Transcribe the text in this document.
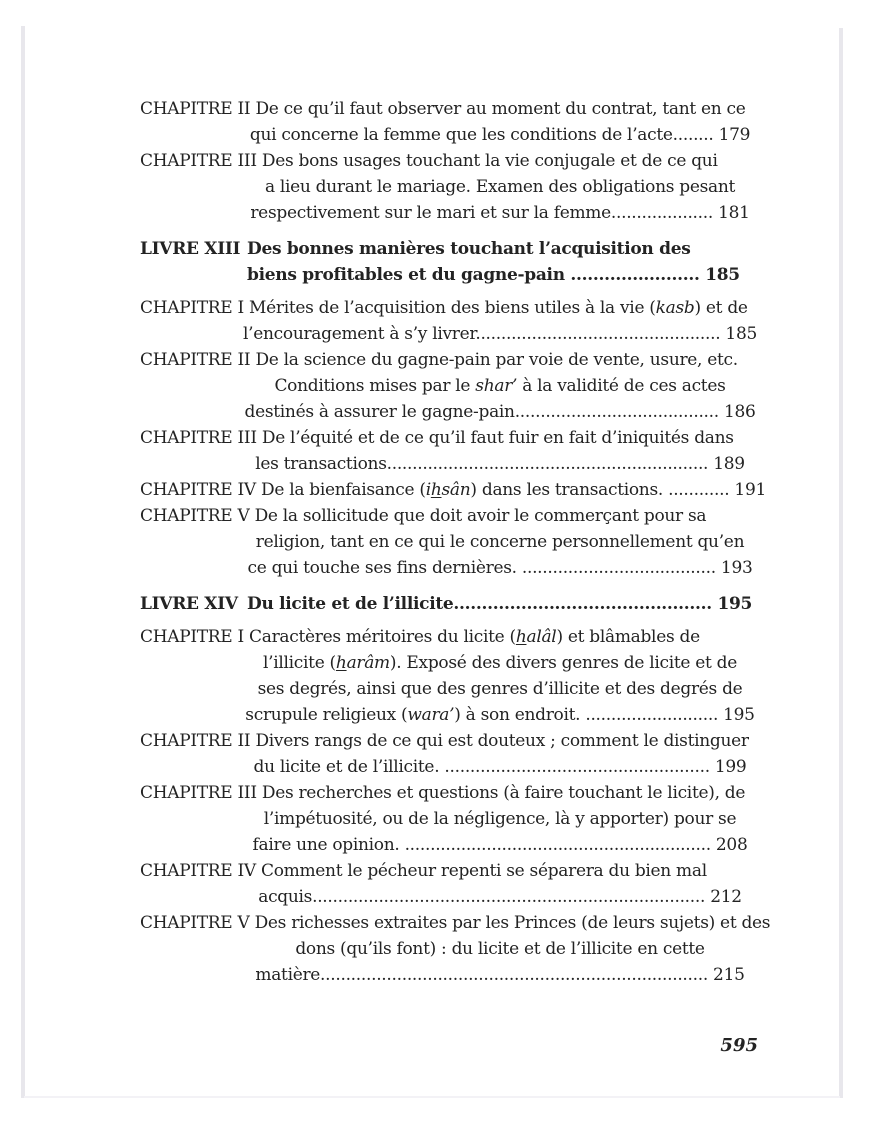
CHAPITRE II De ce qu’il faut observer au moment du contrat, tant en ce
qui concerne la femme que les conditions de l’acte........ 179
CHAPITRE III Des bons usages touchant la vie conjugale et de ce qui
a lieu durant le mariage. Examen des obligations pesant
respectivement sur le mari et sur la femme.................... 181
LIVRE XIII Des bonnes manières touchant l’acquisition des
biens profitables et du gagne-pain ....................... 185
CHAPITRE I Mérites de l’acquisition des biens utiles à la vie (kasb) et de
l’encouragement à s’y livrer................................................ 185
CHAPITRE II De la science du gagne-pain par voie de vente, usure, etc.
Conditions mises par le shar’ à la validité de ces actes
destinés à assurer le gagne-pain........................................ 186
CHAPITRE III De l’équité et de ce qu’il faut fuir en fait d’iniquités dans
les transactions............................................................... 189
CHAPITRE IV De la bienfaisance (ihsân) dans les transactions. ............ 191
CHAPITRE V De la sollicitude que doit avoir le commerçant pour sa
religion, tant en ce qui le concerne personnellement qu’en
ce qui touche ses fins dernières. ...................................... 193
LIVRE XIV Du licite et de l’illicite.............................................. 195
CHAPITRE I Caractères méritoires du licite (halâl) et blâmables de
l’illicite (harâm). Exposé des divers genres de licite et de
ses degrés, ainsi que des genres d’illicite et des degrés de
scrupule religieux (wara’) à son endroit. .......................... 195
CHAPITRE II Divers rangs de ce qui est douteux ; comment le distinguer
du licite et de l’illicite. .................................................... 199
CHAPITRE III Des recherches et questions (à faire touchant le licite), de
l’impétuosité, ou de la négligence, là y apporter) pour se
faire une opinion. ............................................................ 208
CHAPITRE IV Comment le pécheur repenti se séparera du bien mal
acquis............................................................................. 212
CHAPITRE V Des richesses extraites par les Princes (de leurs sujets) et des
dons (qu’ils font) : du licite et de l’illicite en cette
matière............................................................................ 215
595
